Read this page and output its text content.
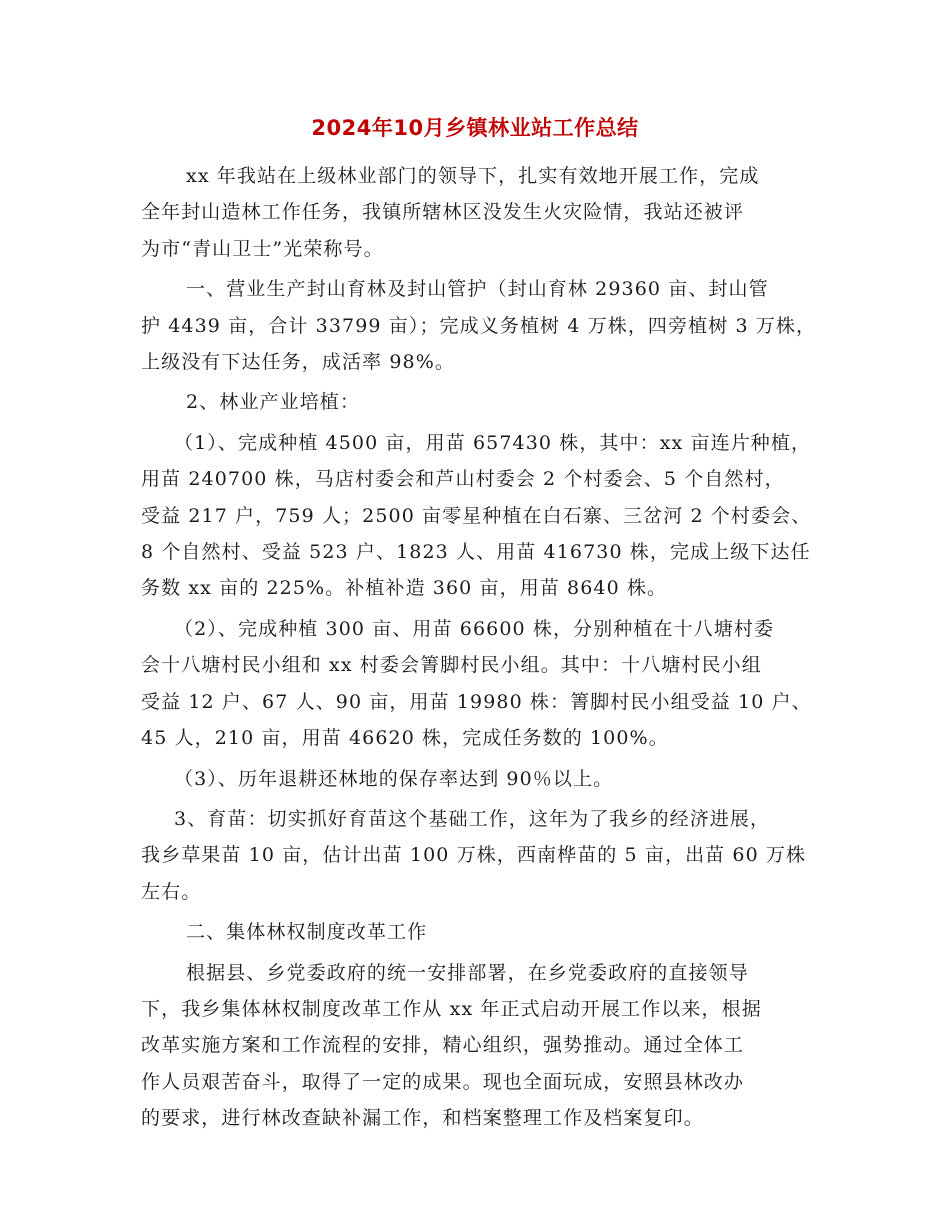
2024年10月乡镇林业站工作总结
xx 年我站在上级林业部门的领导下，扎实有效地开展工作，完成
全年封山造林工作任务，我镇所辖林区没发生火灾险情，我站还被评
为市“青山卫士”光荣称号。
一、营业生产封山育林及封山管护（封山育林 29360 亩、封山管
护 4439 亩，合计 33799 亩）；完成义务植树 4 万株，四旁植树 3 万株，
上级没有下达任务，成活率 98%。
2、林业产业培植：
（1）、完成种植 4500 亩，用苗 657430 株，其中：xx 亩连片种植，
用苗 240700 株，马店村委会和芦山村委会 2 个村委会、5 个自然村，
受益 217 户，759 人；2500 亩零星种植在白石寨、三岔河 2 个村委会、
8 个自然村、受益 523 户、1823 人、用苗 416730 株，完成上级下达任
务数 xx 亩的 225%。补植补造 360 亩，用苗 8640 株。
（2）、完成种植 300 亩、用苗 66600 株，分别种植在十八塘村委
会十八塘村民小组和 xx 村委会箐脚村民小组。其中：十八塘村民小组
受益 12 户、67 人、90 亩，用苗 19980 株：箐脚村民小组受益 10 户、
45 人，210 亩，用苗 46620 株，完成任务数的 100%。
（3）、历年退耕还林地的保存率达到 90％以上。
3、育苗：切实抓好育苗这个基础工作，这年为了我乡的经济进展，
我乡草果苗 10 亩，估计出苗 100 万株，西南桦苗的 5 亩，出苗 60 万株
左右。
二、集体林权制度改革工作
根据县、乡党委政府的统一安排部署，在乡党委政府的直接领导
下，我乡集体林权制度改革工作从 xx 年正式启动开展工作以来，根据
改革实施方案和工作流程的安排，精心组织，强势推动。通过全体工
作人员艰苦奋斗，取得了一定的成果。现也全面玩成，安照县林改办
的要求，进行林改查缺补漏工作，和档案整理工作及档案复印。
